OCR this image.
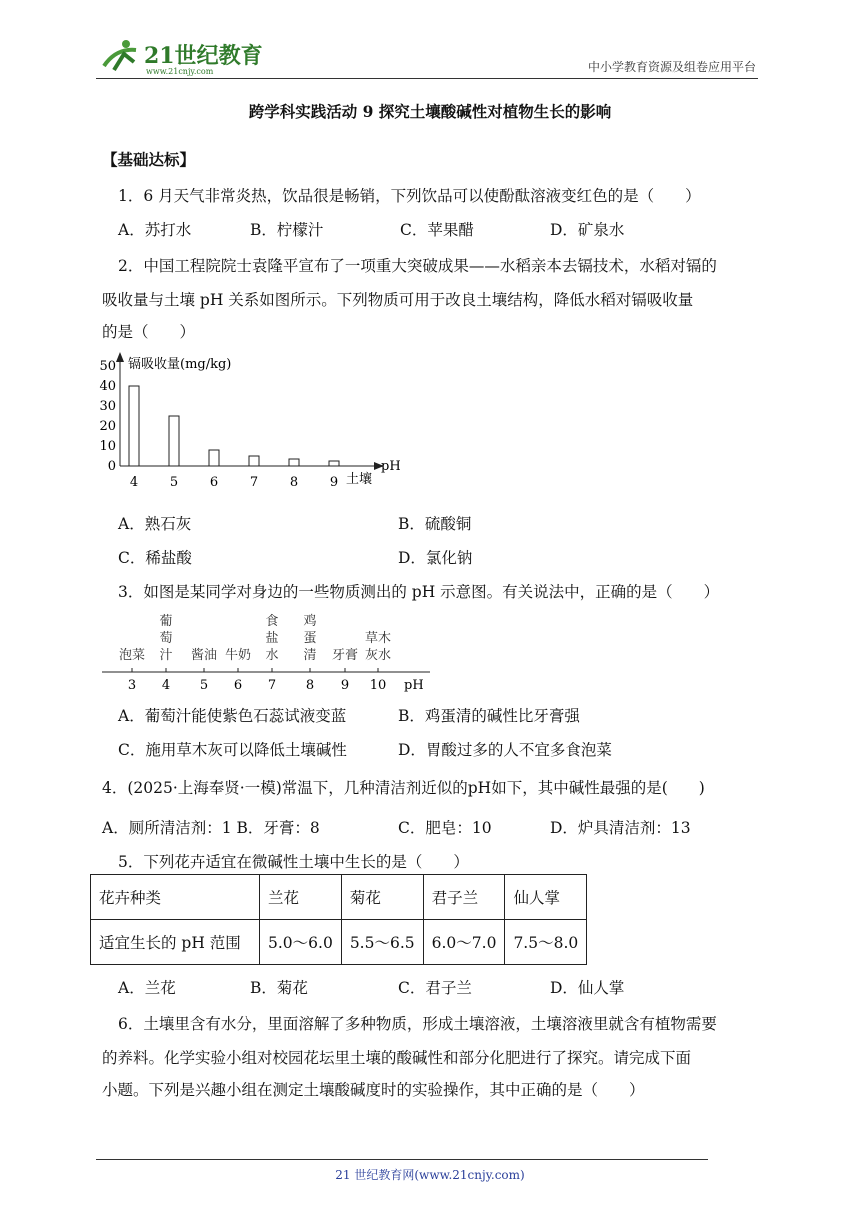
21世纪教育
www.21cnjy.com	中小学教育资源及组卷应用平台
跨学科实践活动 9 探究土壤酸碱性对植物生长的影响
【基础达标】
1．6 月天气非常炎热，饮品很是畅销，下列饮品可以使酚酞溶液变红色的是（　　）
A．苏打水	B．柠檬汁	C．苹果醋	D．矿泉水
2．中国工程院院士袁隆平宣布了一项重大突破成果——水稻亲本去镉技术，水稻对镉的
吸收量与土壤 pH 关系如图所示。下列物质可用于改良土壤结构，降低水稻对镉吸收量
的是（　　）
镉吸收量(mg/kg)
pH
土壤
0
10
20
30
40
50
4 5 6 7 8 9
A．熟石灰	B．硫酸铜
C．稀盐酸	D．氯化钠
3．如图是某同学对身边的一些物质测出的 pH 示意图。有关说法中，正确的是（　　）
pH
3
泡菜
4
葡
萄
汁
5
酱油
6
牛奶
7
食
盐
水
8
鸡
蛋
清
9
牙膏
10
草木
灰水
A．葡萄汁能使紫色石蕊试液变蓝	B．鸡蛋清的碱性比牙膏强
C．施用草木灰可以降低土壤碱性	D．胃酸过多的人不宜多食泡菜
4．(2025·上海奉贤·一模)常温下，几种清洁剂近似的pH如下，其中碱性最强的是(　　)
A．厕所清洁剂：1 B．牙膏：8	C．肥皂：10	D．炉具清洁剂：13
5．下列花卉适宜在微碱性土壤中生长的是（　　）
花卉种类	兰花	菊花	君子兰	仙人掌
适宜生长的 pH 范围	5.0～6.0	5.5～6.5	6.0～7.0	7.5～8.0
A．兰花	B．菊花	C．君子兰	D．仙人掌
6．土壤里含有水分，里面溶解了多种物质，形成土壤溶液，土壤溶液里就含有植物需要
的养料。化学实验小组对校园花坛里土壤的酸碱性和部分化肥进行了探究。请完成下面
小题。下列是兴趣小组在测定土壤酸碱度时的实验操作，其中正确的是（　　）
21 世纪教育网(www.21cnjy.com)
